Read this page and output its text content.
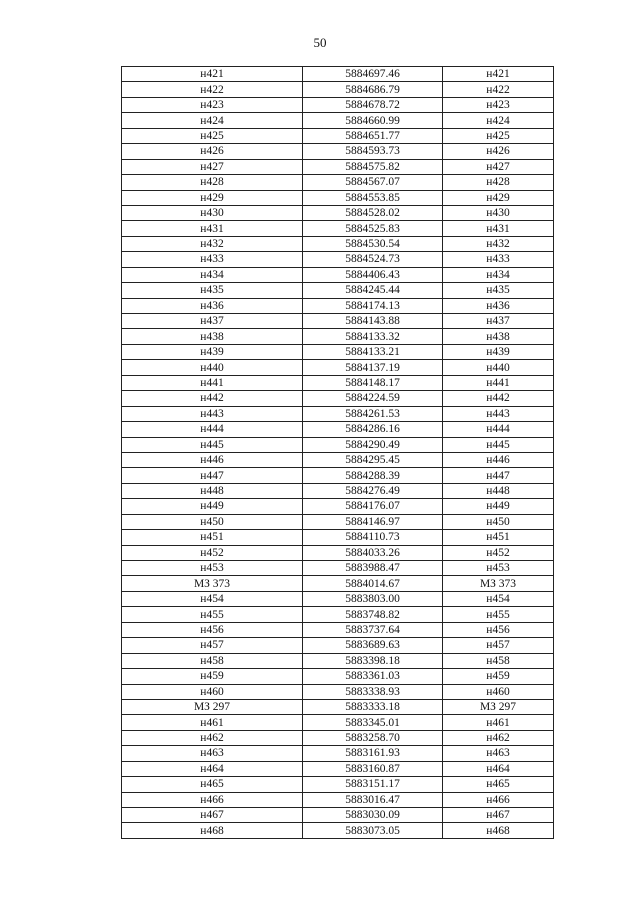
50
н421	5884697.46	н421
н422	5884686.79	н422
н423	5884678.72	н423
н424	5884660.99	н424
н425	5884651.77	н425
н426	5884593.73	н426
н427	5884575.82	н427
н428	5884567.07	н428
н429	5884553.85	н429
н430	5884528.02	н430
н431	5884525.83	н431
н432	5884530.54	н432
н433	5884524.73	н433
н434	5884406.43	н434
н435	5884245.44	н435
н436	5884174.13	н436
н437	5884143.88	н437
н438	5884133.32	н438
н439	5884133.21	н439
н440	5884137.19	н440
н441	5884148.17	н441
н442	5884224.59	н442
н443	5884261.53	н443
н444	5884286.16	н444
н445	5884290.49	н445
н446	5884295.45	н446
н447	5884288.39	н447
н448	5884276.49	н448
н449	5884176.07	н449
н450	5884146.97	н450
н451	5884110.73	н451
н452	5884033.26	н452
н453	5883988.47	н453
МЗ 373	5884014.67	МЗ 373
н454	5883803.00	н454
н455	5883748.82	н455
н456	5883737.64	н456
н457	5883689.63	н457
н458	5883398.18	н458
н459	5883361.03	н459
н460	5883338.93	н460
МЗ 297	5883333.18	МЗ 297
н461	5883345.01	н461
н462	5883258.70	н462
н463	5883161.93	н463
н464	5883160.87	н464
н465	5883151.17	н465
н466	5883016.47	н466
н467	5883030.09	н467
н468	5883073.05	н468
